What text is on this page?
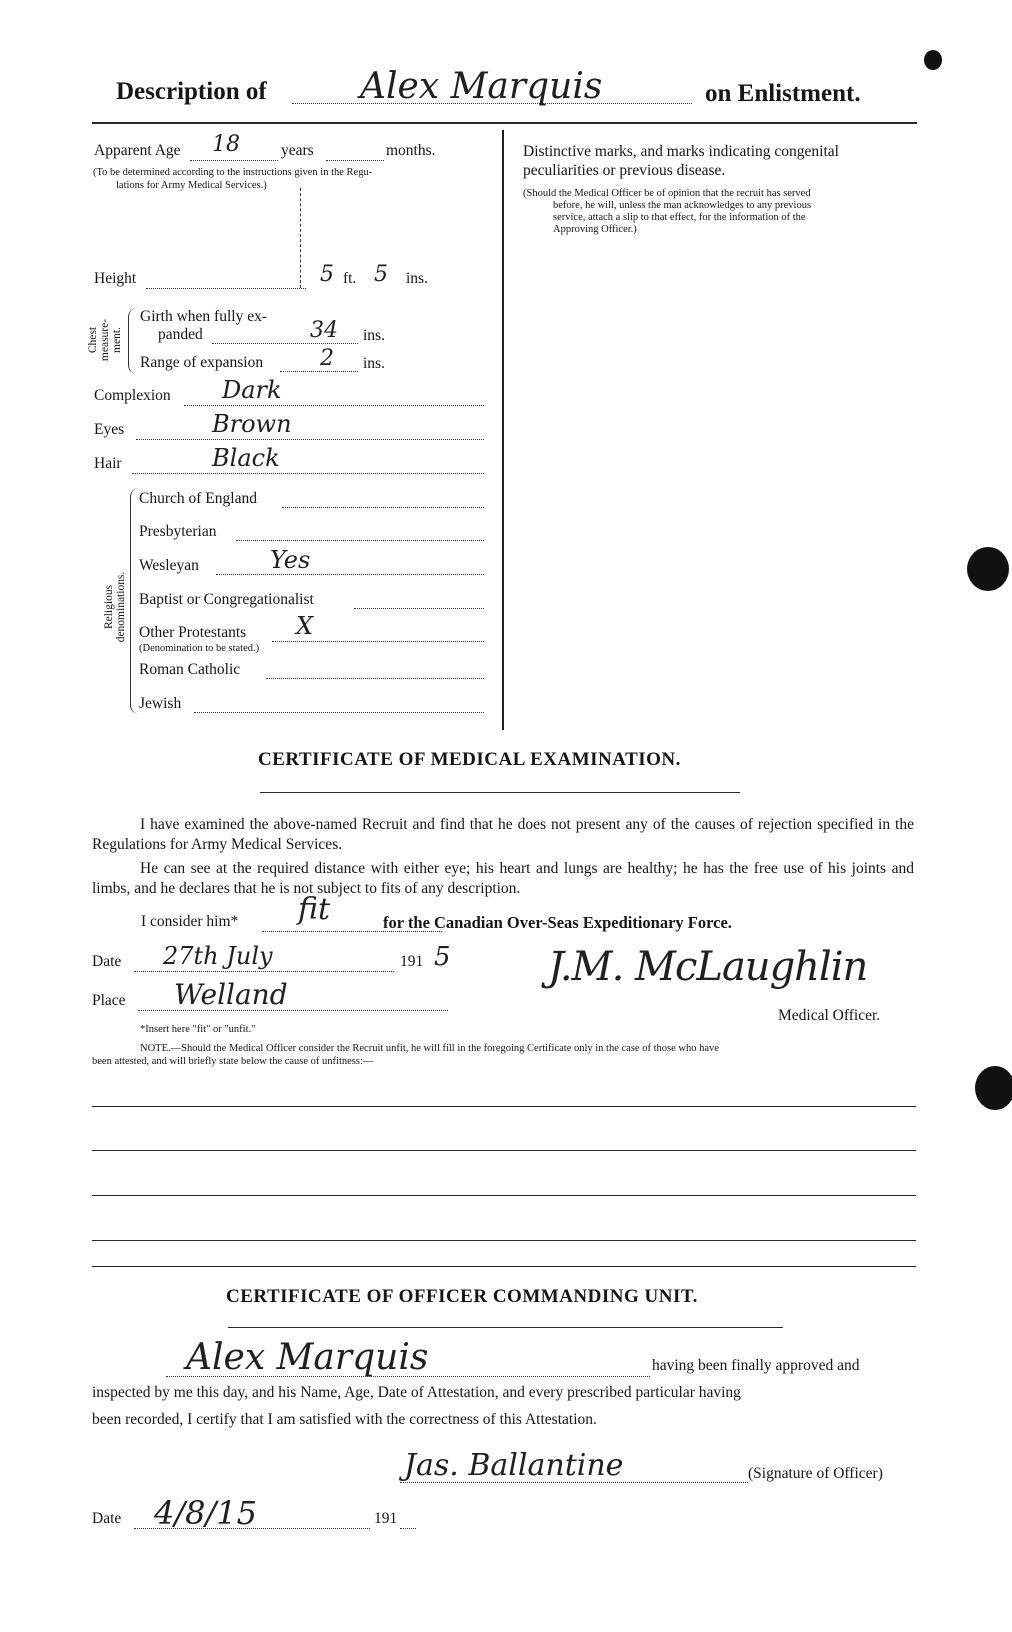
Description of	Alex Marquis	on Enlistment.
Apparent Age 18	years	months.
(To be determined according to the instructions given in the Regu-
lations for Army Medical Services.)
Height	5 ft. 5 ins.
Chest
measure-
ment.
Girth when fully ex-
panded	34 ins.
Range of expansion	2 ins.
Complexion Dark
Eyes	Brown
Hair	Black
Religious
denominations.
Church of England
Presbyterian
Wesleyan	Yes
Baptist or Congregationalist
Other Protestants X
(Denomination to be stated.)
Roman Catholic
Jewish
Distinctive marks, and marks indicating congenital
peculiarities or previous disease.
(Should the Medical Officer be of opinion that the recruit has served
before, he will, unless the man acknowledges to any previous
service, attach a slip to that effect, for the information of the
Approving Officer.)
CERTIFICATE OF MEDICAL EXAMINATION.
I have examined the above-named Recruit and find that he does not present any of the causes of rejection specified in the Regulations for Army Medical Services.
He can see at the required distance with either eye; his heart and lungs are healthy; he has the free use of his joints and limbs, and he declares that he is not subject to fits of any description.
I consider him* fit	for the Canadian Over-Seas Expeditionary Force.
Date 27th July	191 5
Place Welland
J.M. McLaughlin
Medical Officer.
*Insert here "fit" or "unfit."
NOTE.—Should the Medical Officer consider the Recruit unfit, he will fill in the foregoing Certificate only in the case of those who have
been attested, and will briefly state below the cause of unfitness:—
CERTIFICATE OF OFFICER COMMANDING UNIT.
Alex Marquis	having been finally approved and
inspected by me this day, and his Name, Age, Date of Attestation, and every prescribed particular having
been recorded, I certify that I am satisfied with the correctness of this Attestation.
Jas. Ballantine	(Signature of Officer)
Date 4/8/15	191
